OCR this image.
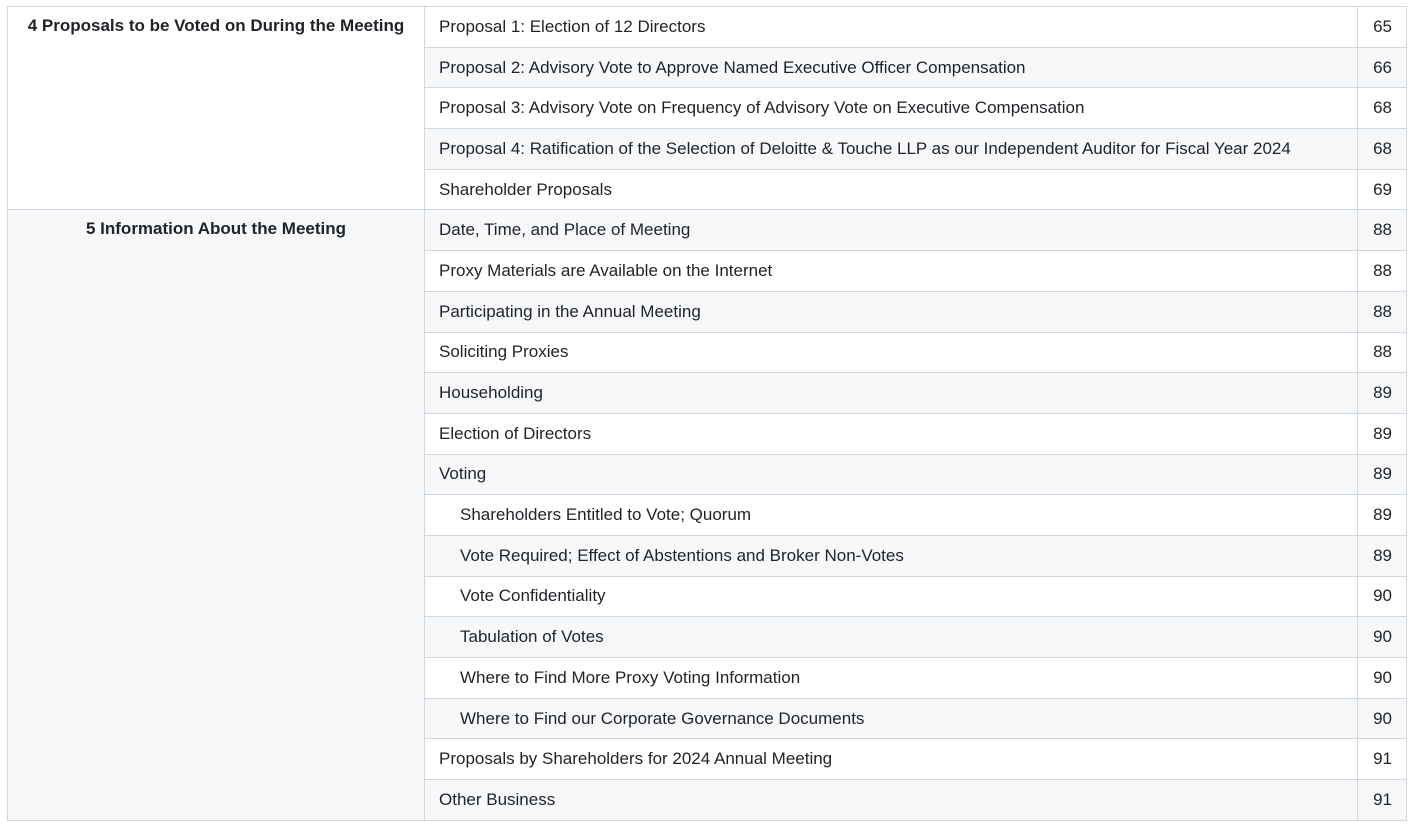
4 Proposals to be Voted on During the Meeting	Proposal 1: Election of 12 Directors	65
	Proposal 2: Advisory Vote to Approve Named Executive Officer Compensation	66
	Proposal 3: Advisory Vote on Frequency of Advisory Vote on Executive Compensation	68
	Proposal 4: Ratification of the Selection of Deloitte & Touche LLP as our Independent Auditor for Fiscal Year 2024	68
	Shareholder Proposals	69
5 Information About the Meeting	Date, Time, and Place of Meeting	88
	Proxy Materials are Available on the Internet	88
	Participating in the Annual Meeting	88
	Soliciting Proxies	88
	Householding	89
	Election of Directors	89
	Voting	89
	Shareholders Entitled to Vote; Quorum	89
	Vote Required; Effect of Abstentions and Broker Non-Votes	89
	Vote Confidentiality	90
	Tabulation of Votes	90
	Where to Find More Proxy Voting Information	90
	Where to Find our Corporate Governance Documents	90
	Proposals by Shareholders for 2024 Annual Meeting	91
	Other Business	91
